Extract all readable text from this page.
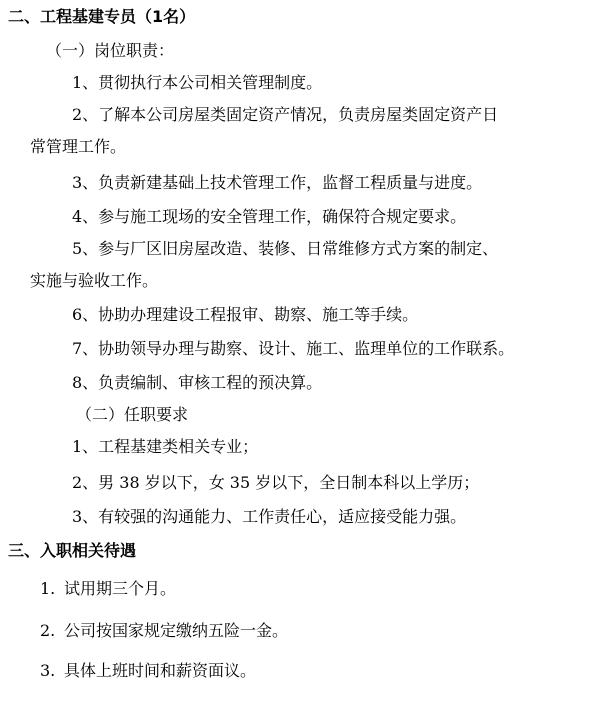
二、工程基建专员（1名）
（一）岗位职责：
1、贯彻执行本公司相关管理制度。
2、了解本公司房屋类固定资产情况，负责房屋类固定资产日
常管理工作。
3、负责新建基础上技术管理工作，监督工程质量与进度。
4、参与施工现场的安全管理工作，确保符合规定要求。
5、参与厂区旧房屋改造、装修、日常维修方式方案的制定、
实施与验收工作。
6、协助办理建设工程报审、勘察、施工等手续。
7、协助领导办理与勘察、设计、施工、监理单位的工作联系。
8、负责编制、审核工程的预决算。
（二）任职要求
1、工程基建类相关专业；
2、男 38 岁以下，女 35 岁以下，全日制本科以上学历；
3、有较强的沟通能力、工作责任心，适应接受能力强。
三、入职相关待遇
1. 试用期三个月。
2. 公司按国家规定缴纳五险一金。
3. 具体上班时间和薪资面议。
